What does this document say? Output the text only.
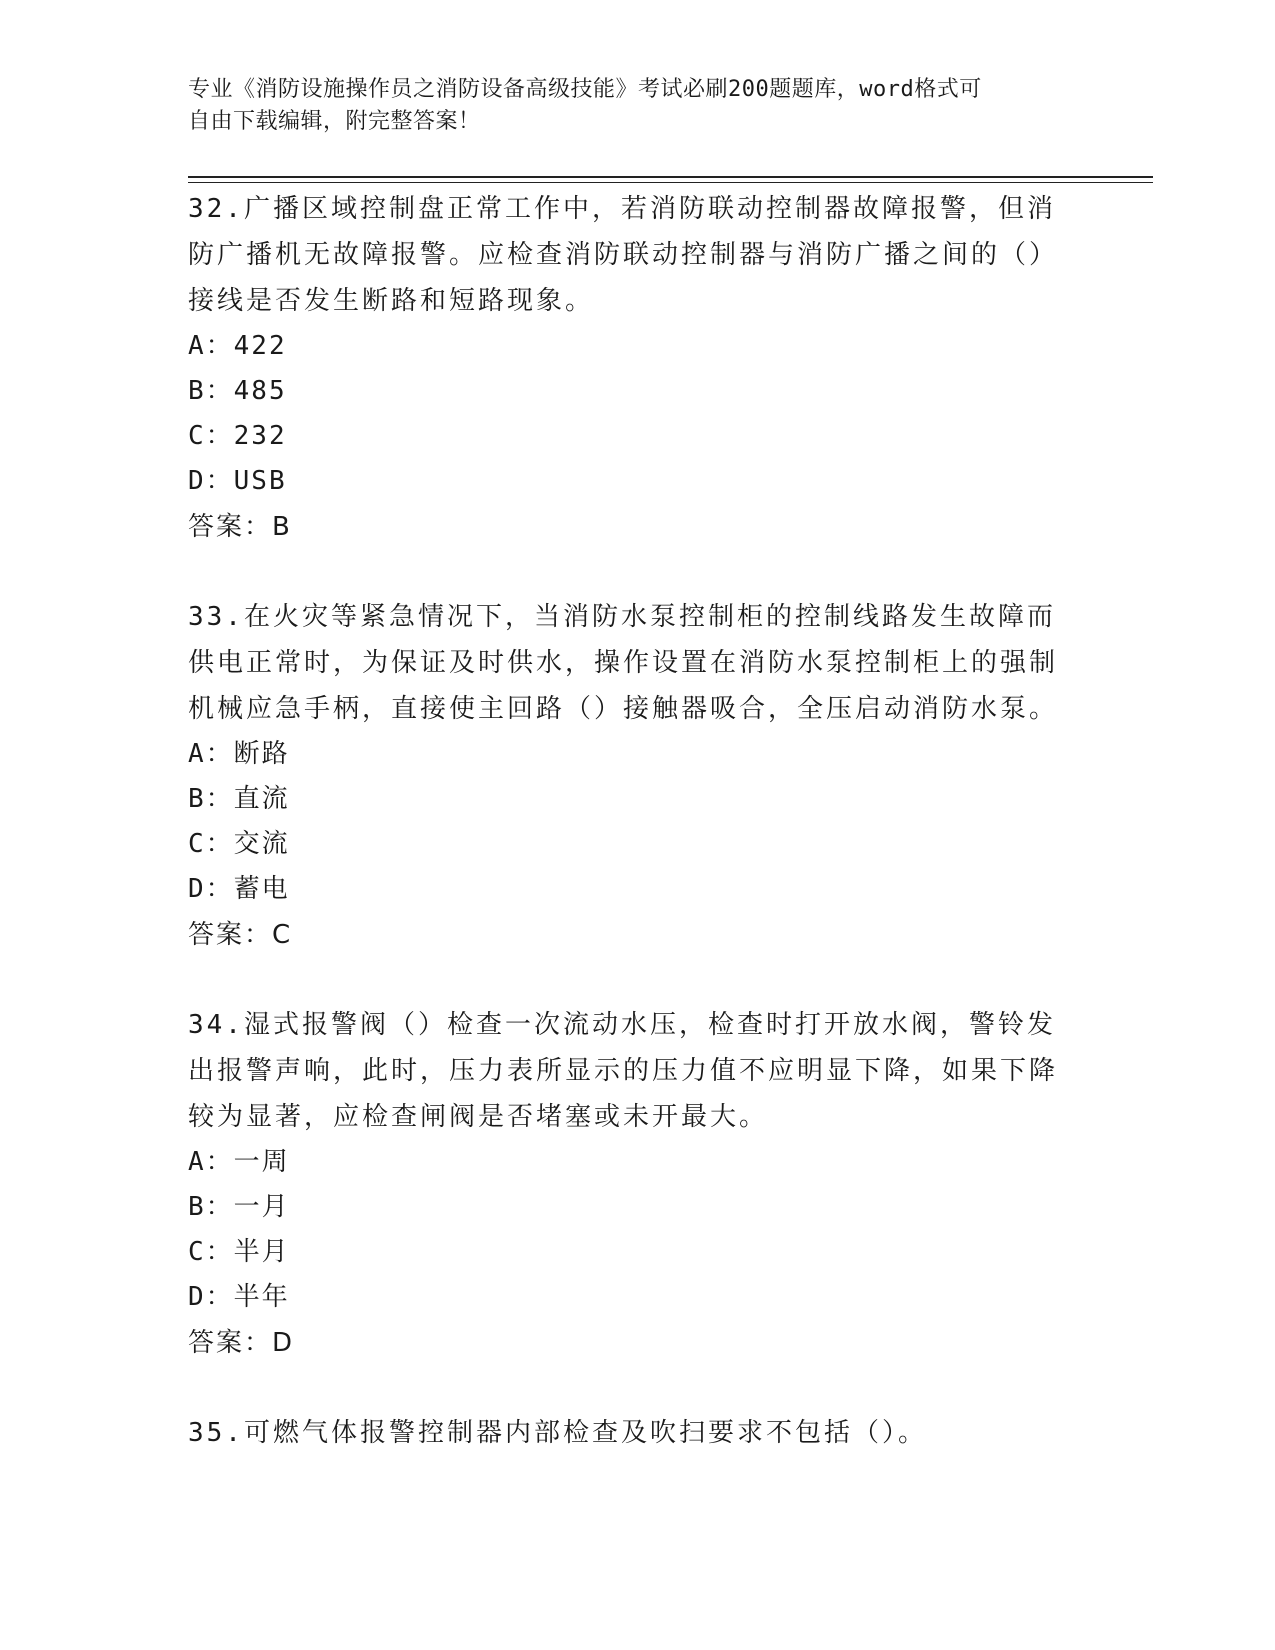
专业《消防设施操作员之消防设备高级技能》考试必刷200题题库，word格式可
自由下载编辑，附完整答案！

32.广播区域控制盘正常工作中，若消防联动控制器故障报警，但消防广播机无故障报警。应检查消防联动控制器与消防广播之间的（）接线是否发生断路和短路现象。

A：422

B：485

C：232

D：USB

答案：B

33.在火灾等紧急情况下，当消防水泵控制柜的控制线路发生故障而供电正常时，为保证及时供水，操作设置在消防水泵控制柜上的强制机械应急手柄，直接使主回路（）接触器吸合，全压启动消防水泵。

A：断路

B：直流

C：交流

D：蓄电

答案：C

34.湿式报警阀（）检查一次流动水压，检查时打开放水阀，警铃发出报警声响，此时，压力表所显示的压力值不应明显下降，如果下降较为显著，应检查闸阀是否堵塞或未开最大。

A：一周

B：一月

C：半月

D：半年

答案：D

35.可燃气体报警控制器内部检查及吹扫要求不包括（）。
